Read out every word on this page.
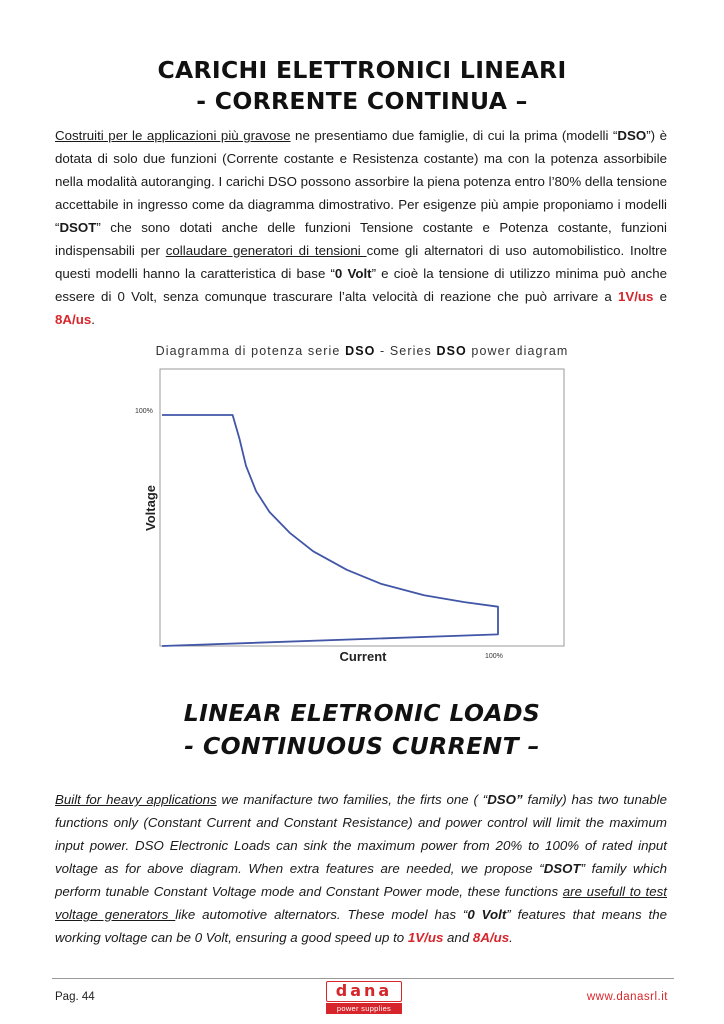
CARICHI ELETTRONICI LINEARI
- CORRENTE CONTINUA –
Costruiti per le applicazioni più gravose ne presentiamo due famiglie, di cui la prima (modelli “DSO”) è dotata di solo due funzioni (Corrente costante e Resistenza costante) ma con la potenza assorbibile nella modalità autoranging. I carichi DSO possono assorbire la piena potenza entro l’80% della tensione accettabile in ingresso come da diagramma dimostrativo. Per esigenze più ampie proponiamo i modelli “DSOT” che sono dotati anche delle funzioni Tensione costante e Potenza costante, funzioni indispensabili per collaudare generatori di tensioni come gli alternatori di uso automobilistico. Inoltre questi modelli hanno la caratteristica di base “0 Volt” e cioè la tensione di utilizzo minima può anche essere di 0 Volt, senza comunque trascurare l’alta velocità di reazione che può arrivare a 1V/us e 8A/us.
Diagramma di potenza serie DSO - Series DSO power diagram
100%
100%
Voltage
Current
LINEAR ELETRONIC LOADS
- CONTINUOUS CURRENT –
Built for heavy applications we manifacture two families, the firts one ( “DSO” family) has two tunable functions only (Constant Current and Constant Resistance) and power control will limit the maximum input power. DSO Electronic Loads can sink the maximum power from 20% to 100% of rated input voltage as for above diagram. When extra features are needed, we propose “DSOT” family which perform tunable Constant Voltage mode and Constant Power mode, these functions are usefull to test voltage generators like automotive alternators. These model has “0 Volt” features that means the working voltage can be 0 Volt, ensuring a good speed up to 1V/us and 8A/us.
Pag. 44	dana
power supplies
www.danasrl.it
